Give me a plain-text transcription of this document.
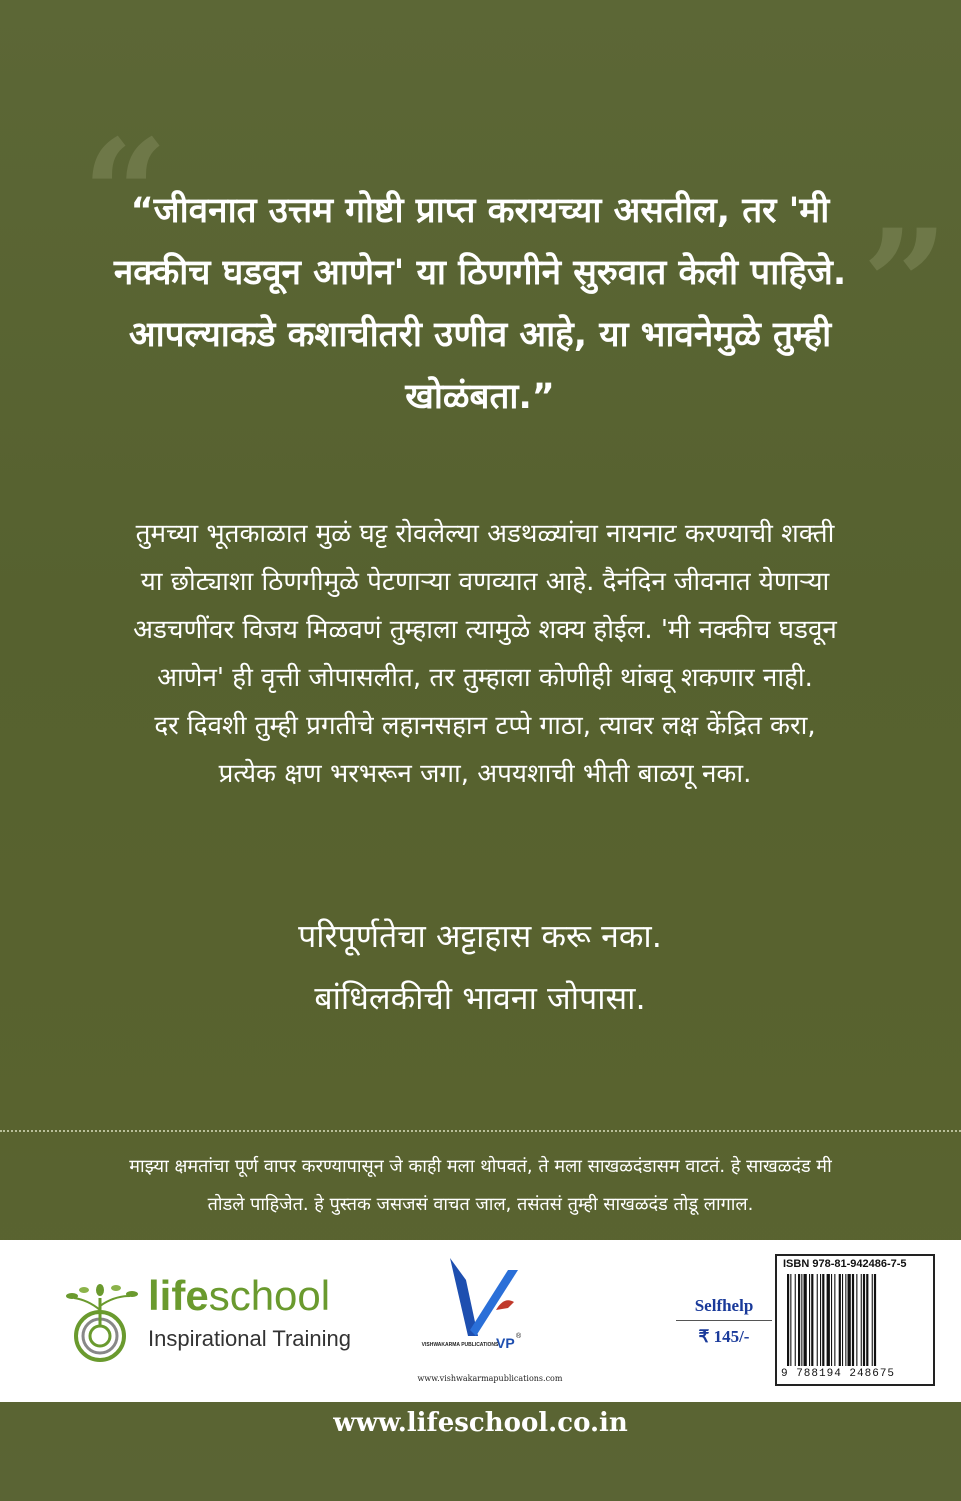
“
”
“जीवनात उत्तम गोष्टी प्राप्त करायच्या असतील, तर 'मी
नक्कीच घडवून आणेन' या ठिणगीने सुरुवात केली पाहिजे.
आपल्याकडे कशाचीतरी उणीव आहे, या भावनेमुळे तुम्ही
खोळंबता.”
तुमच्या भूतकाळात मुळं घट्ट रोवलेल्या अडथळ्यांचा नायनाट करण्याची शक्ती
या छोट्याशा ठिणगीमुळे पेटणाऱ्या वणव्यात आहे. दैनंदिन जीवनात येणाऱ्या
अडचणींवर विजय मिळवणं तुम्हाला त्यामुळे शक्य होईल. 'मी नक्कीच घडवून
आणेन' ही वृत्ती जोपासलीत, तर तुम्हाला कोणीही थांबवू शकणार नाही.
दर दिवशी तुम्ही प्रगतीचे लहानसहान टप्पे गाठा, त्यावर लक्ष केंद्रित करा,
प्रत्येक क्षण भरभरून जगा, अपयशाची भीती बाळगू नका.
परिपूर्णतेचा अट्टाहास करू नका.
बांधिलकीची भावना जोपासा.
माझ्या क्षमतांचा पूर्ण वापर करण्यापासून जे काही मला थोपवतं, ते मला साखळदंडासम वाटतं. हे साखळदंड मी
तोडले पाहिजेत. हे पुस्तक जसजसं वाचत जाल, तसंतसं तुम्ही साखळदंड तोडू लागाल.
lifeschool
Inspirational Training	VP ®
VISHWAKARMA PUBLICATIONS
www.vishwakarmapublications.com
Selfhelp
₹ 145/-
ISBN 978-81-942486-7-5
9 788194 248675
www.lifeschool.co.in
